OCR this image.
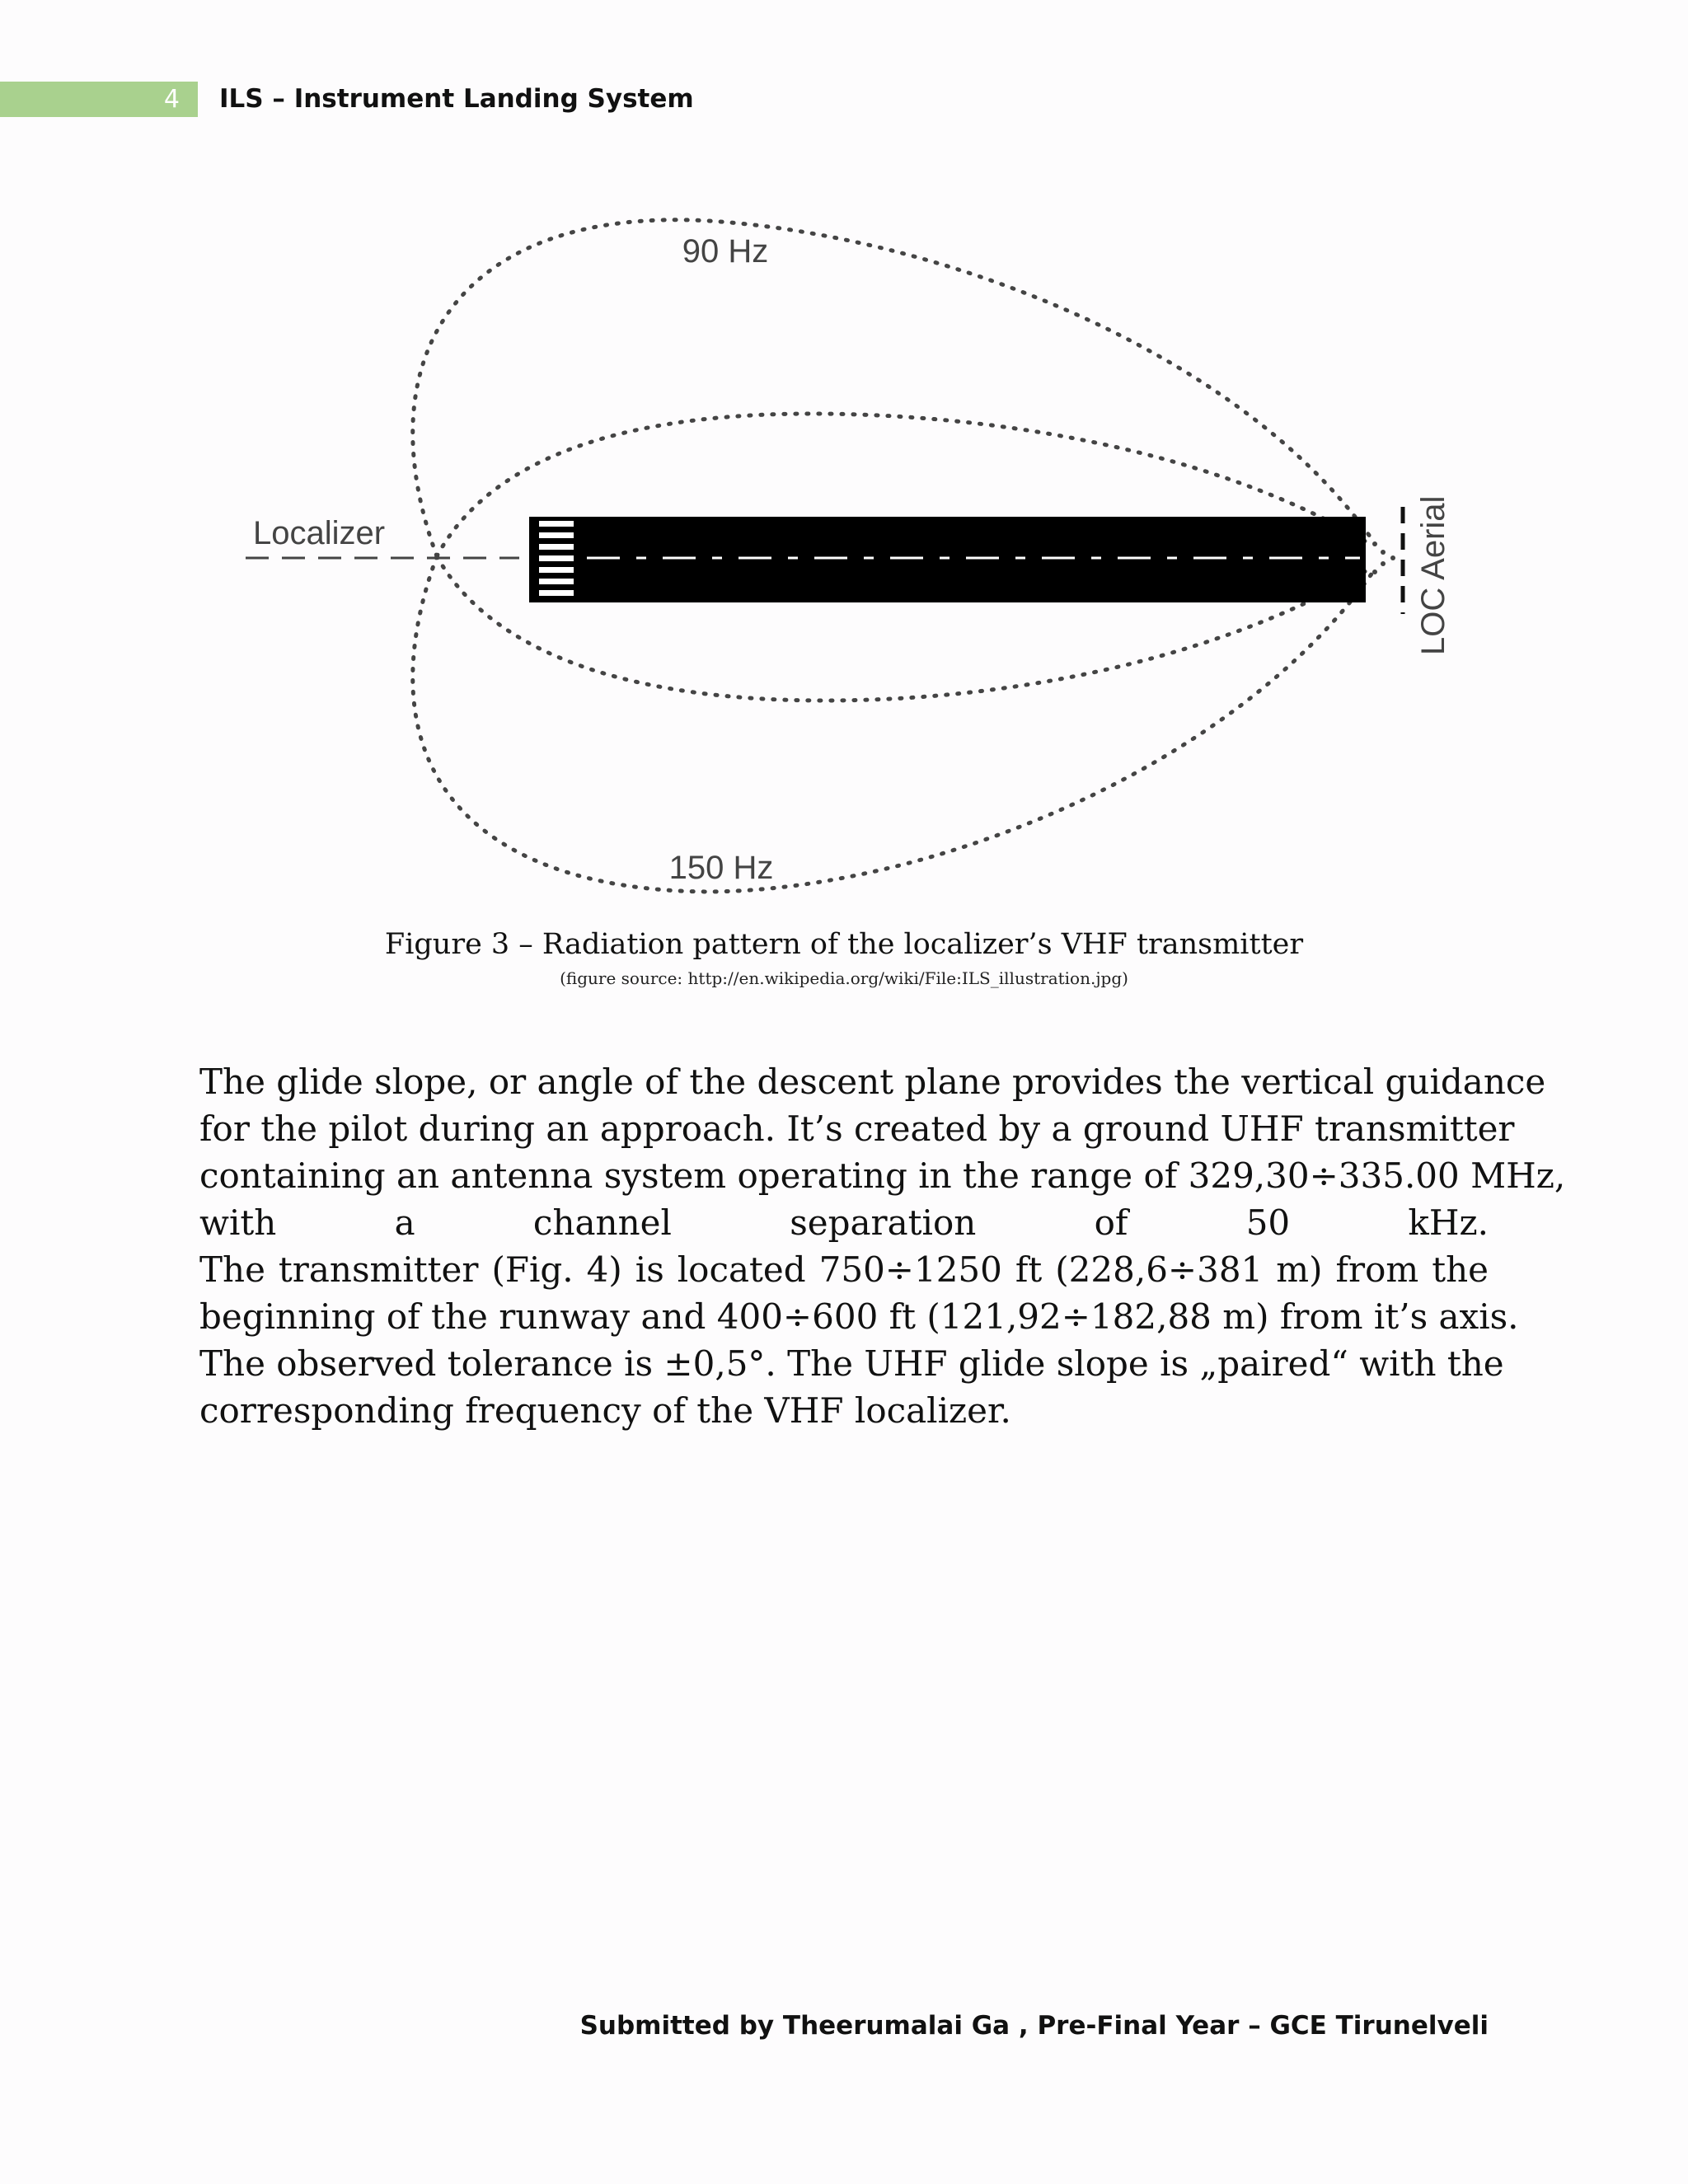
4 ILS – Instrument Landing System
90 Hz
150 Hz
Localizer	LOC Aerial
Figure 3 – Radiation pattern of the localizer’s VHF transmitter
(figure source: http://en.wikipedia.org/wiki/File:ILS_illustration.jpg)

The glide slope, or angle of the descent plane provides the vertical guidance
for the pilot during an approach. It’s created by a ground UHF transmitter
containing an antenna system operating in the range of 329,30÷335.00 MHz,
with a channel separation of 50 kHz.
The transmitter (Fig. 4) is located 750÷1250 ft (228,6÷381 m) from the
beginning of the runway and 400÷600 ft (121,92÷182,88 m) from it’s axis.
The observed tolerance is ±0,5°. The UHF glide slope is „paired“ with the
corresponding frequency of the VHF localizer.

Submitted by Theerumalai Ga , Pre-Final Year – GCE Tirunelveli
